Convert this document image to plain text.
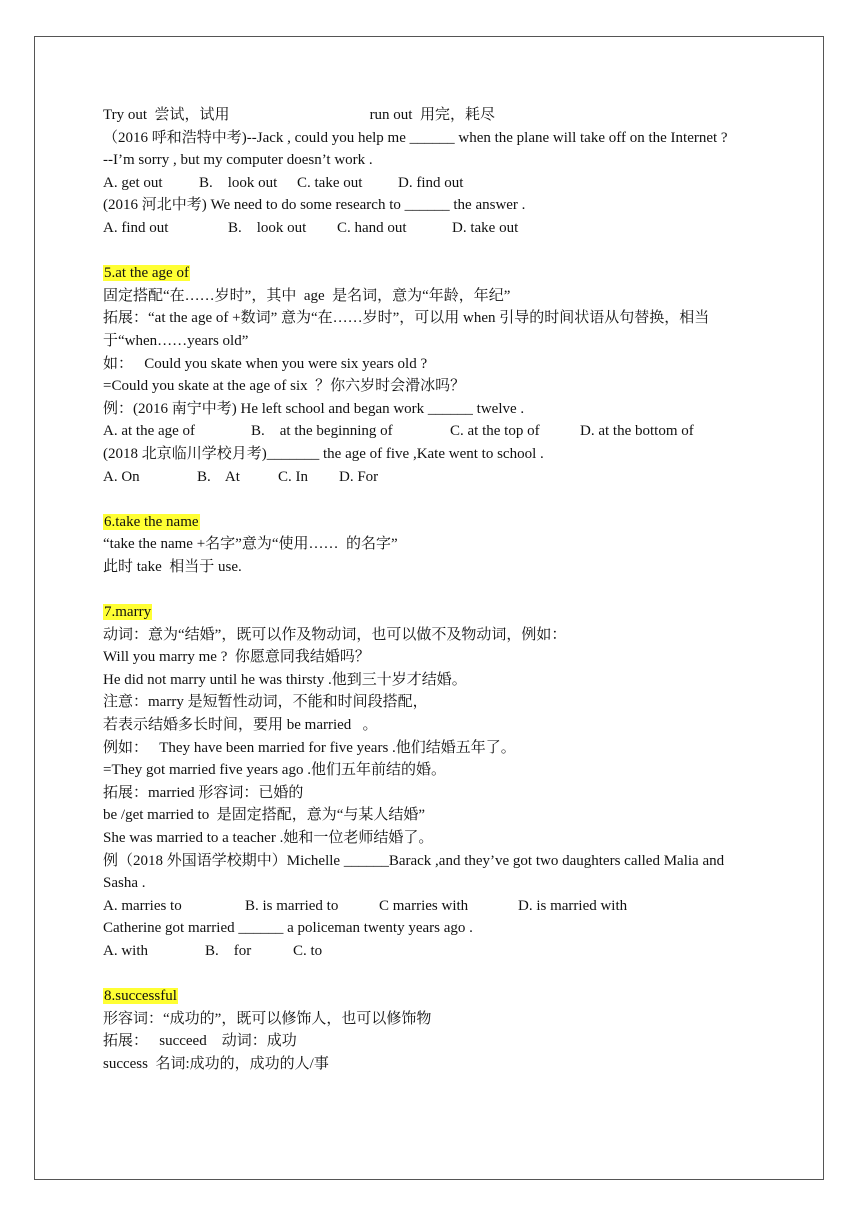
Try out  尝试，试用	run out  用完，耗尽
（2016 呼和浩特中考)--Jack , could you help me ______ when the plane will take off on the Internet ?
--I’m sorry , but my computer doesn’t work .
A. get out B.    look out C. take out D. find out
(2016 河北中考) We need to do some research to ______ the answer .
A. find out	B.    look out C. hand out	D. take out
5.at the age of
固定搭配“在……岁时”，其中  age  是名词，意为“年龄，年纪”
拓展：“at the age of +数词” 意为“在……岁时”，可以用 when 引导的时间状语从句替换，相当于“when……years old”
如：   Could you skate when you were six years old ?
=Could you skate at the age of six  ？你六岁时会滑冰吗？
例：(2016 南宁中考) He left school and began work ______ twelve .
A. at the age of	B.    at the beginning of	C. at the top of	D. at the bottom of
(2018 北京临川学校月考)_______ the age of five ,Kate went to school .
A. On	B.    At	C. In D. For
6.take the name
“take the name +名字”意为“使用……  的名字”
此时 take  相当于 use.
7.marry
动词：意为“结婚”，既可以作及物动词，也可以做不及物动词，例如：
Will you marry me ?  你愿意同我结婚吗？
He did not marry until he was thirsty .他到三十岁才结婚。
注意：marry 是短暂性动词，不能和时间段搭配，
若表示结婚多长时间，要用 be married   。
例如：   They have been married for five years .他们结婚五年了。
=They got married five years ago .他们五年前结的婚。
拓展：married 形容词：已婚的
be /get married to  是固定搭配，意为“与某人结婚”
She was married to a teacher .她和一位老师结婚了。
例（2018 外国语学校期中）Michelle ______Barack ,and they’ve got two daughters called Malia and Sasha .
A. marries to	B. is married to	C marries with	D. is married with
Catherine got married ______ a policeman twenty years ago .
A. with	B.    for	C. to
8.successful
形容词：“成功的”，既可以修饰人，也可以修饰物
拓展：   succeed    动词：成功
success  名词:成功的，成功的人/事
